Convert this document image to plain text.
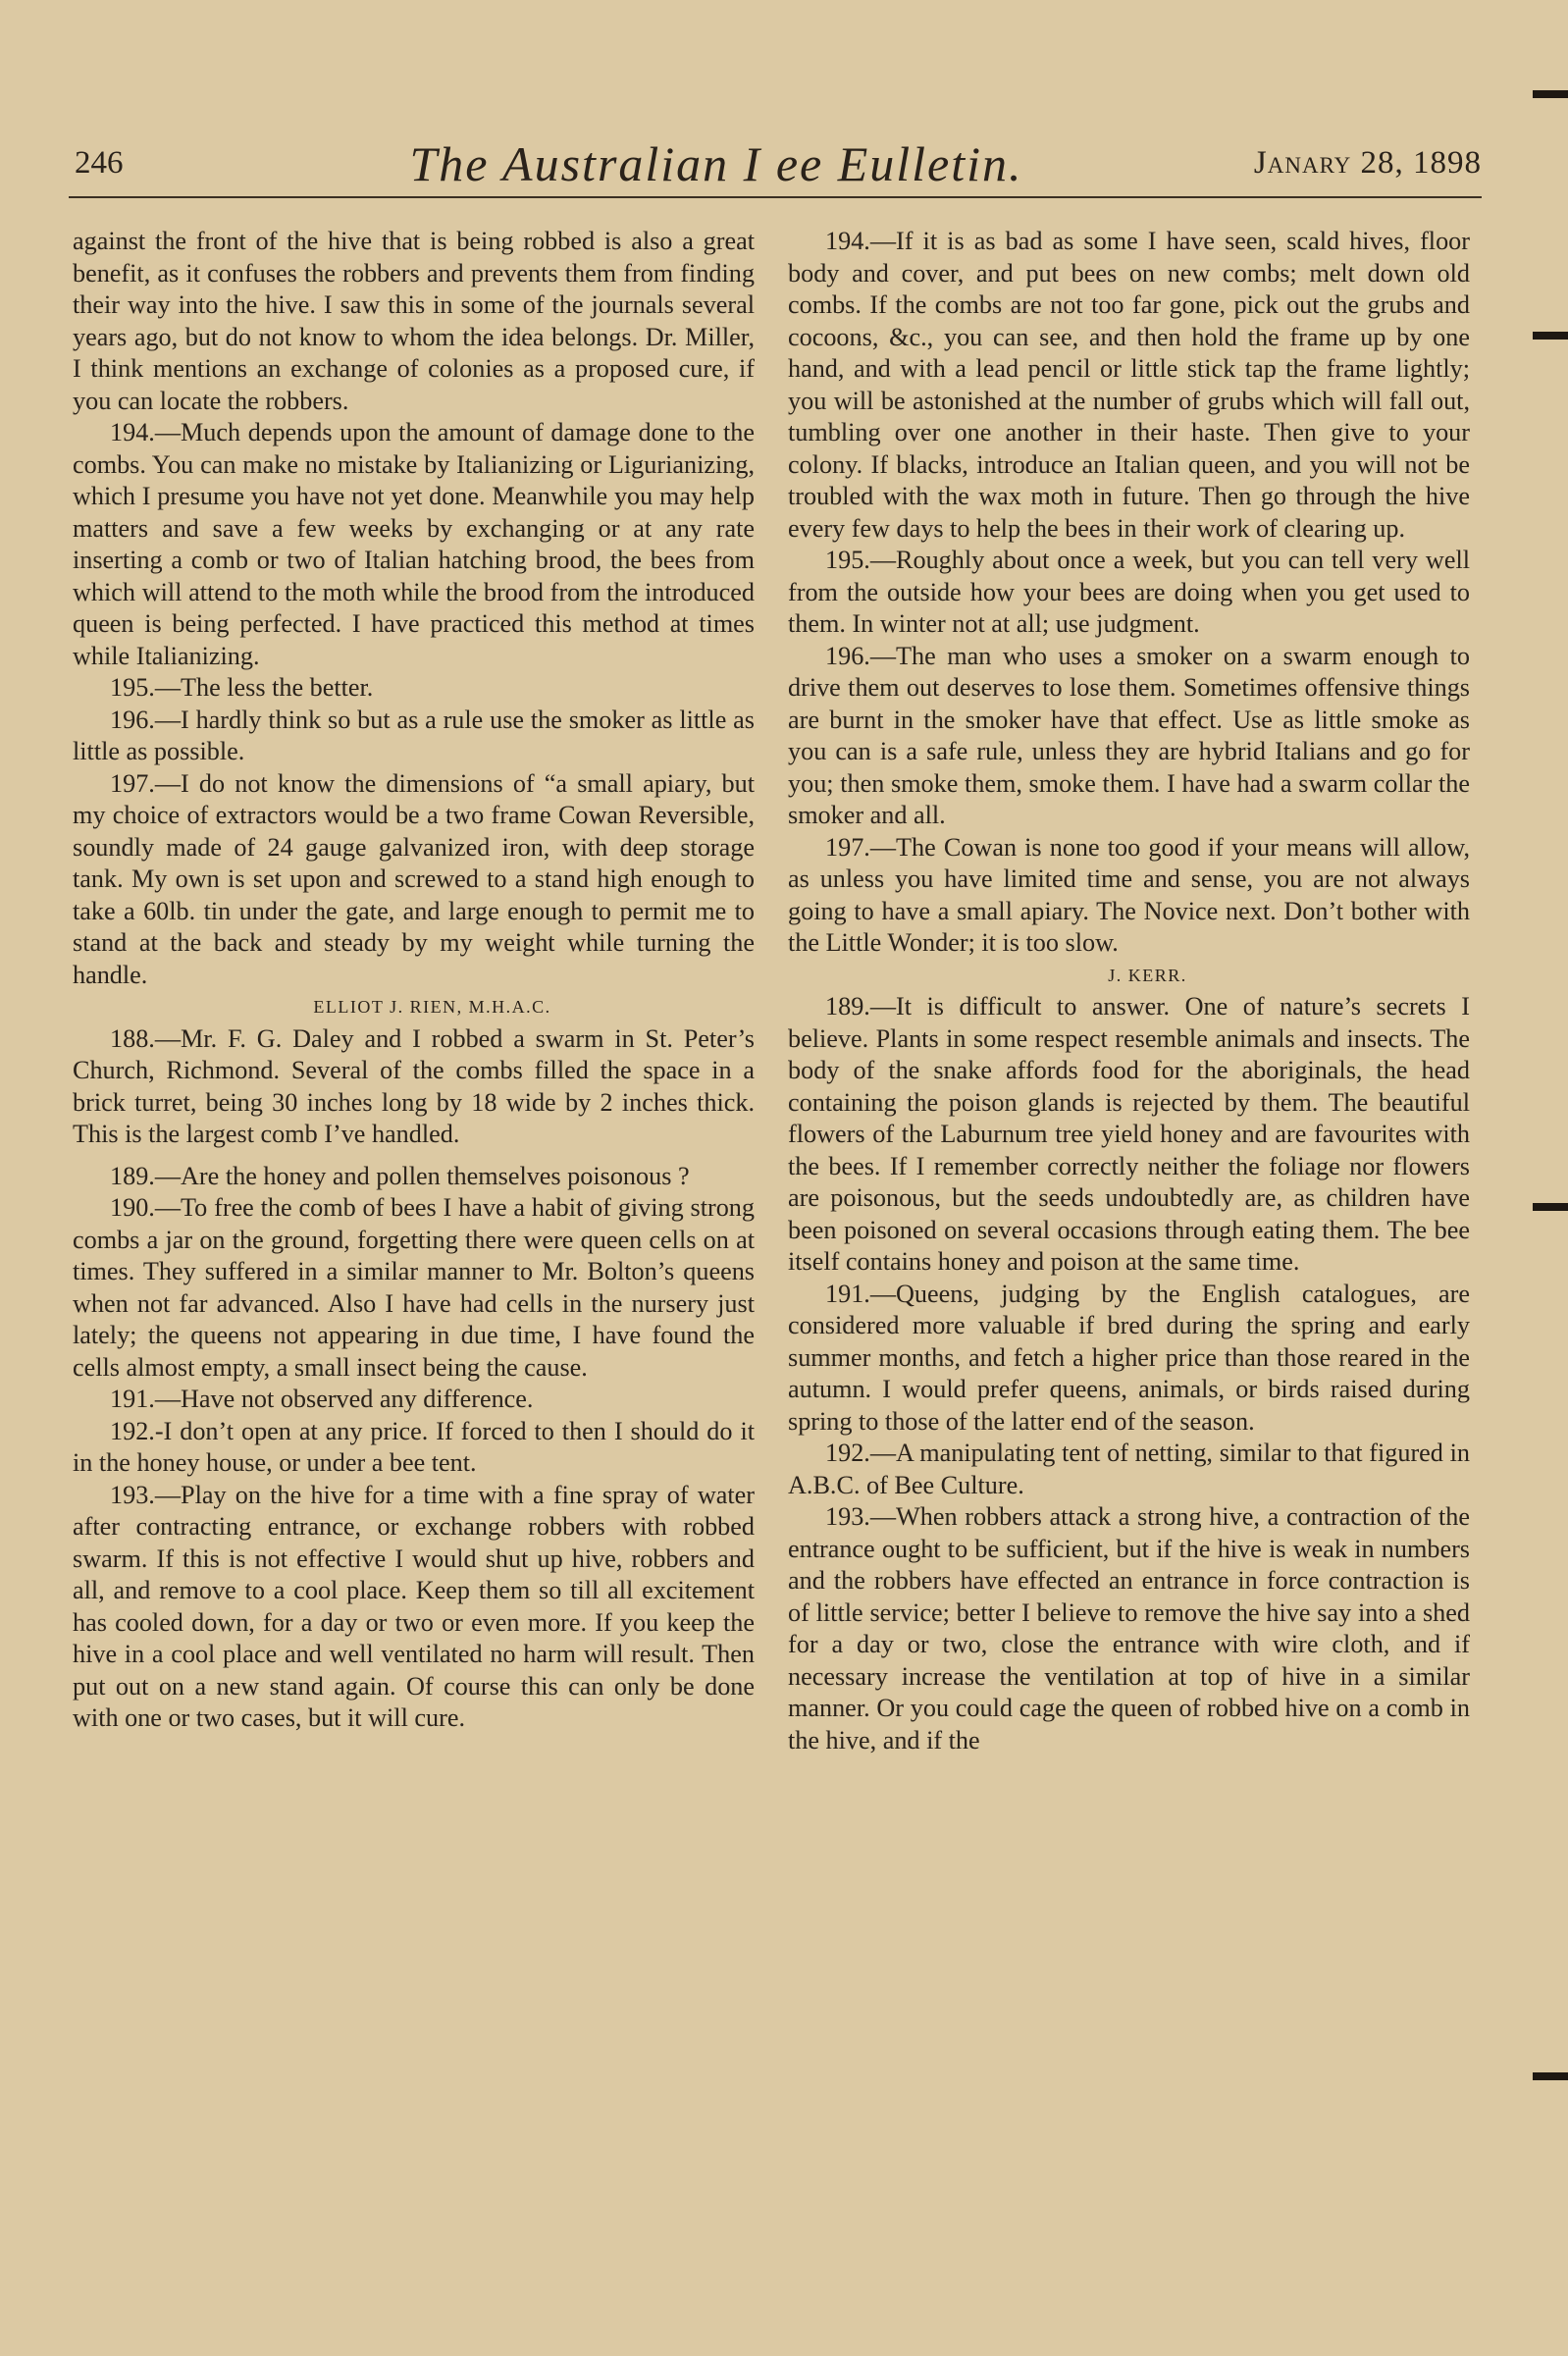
246	The Australian I ee Eulletin.	Janary 28, 1898

against the front of the hive that is being robbed is also a great benefit, as it confuses the robbers and prevents them from finding their way into the hive. I saw this in some of the journals several years ago, but do not know to whom the idea belongs. Dr. Miller, I think mentions an exchange of colonies as a proposed cure, if you can locate the robbers.

194.—Much depends upon the amount of damage done to the combs. You can make no mistake by Italianizing or Ligurianizing, which I presume you have not yet done. Meanwhile you may help matters and save a few weeks by exchanging or at any rate inserting a comb or two of Italian hatching brood, the bees from which will attend to the moth while the brood from the introduced queen is being perfected. I have practiced this method at times while Italianizing.

195.—The less the better.

196.—I hardly think so but as a rule use the smoker as little as little as possible.

197.—I do not know the dimensions of “a small apiary, but my choice of extractors would be a two frame Cowan Reversible, soundly made of 24 gauge galvanized iron, with deep storage tank. My own is set upon and screwed to a stand high enough to take a 60lb. tin under the gate, and large enough to permit me to stand at the back and steady by my weight while turning the handle.

ELLIOT J. RIEN, M.H.A.C.

188.—Mr. F. G. Daley and I robbed a swarm in St. Peter’s Church, Richmond. Several of the combs filled the space in a brick turret, being 30 inches long by 18 wide by 2 inches thick. This is the largest comb I’ve handled.

189.—Are the honey and pollen themselves poisonous ?

190.—To free the comb of bees I have a habit of giving strong combs a jar on the ground, forgetting there were queen cells on at times. They suffered in a similar manner to Mr. Bolton’s queens when not far advanced. Also I have had cells in the nursery just lately; the queens not appearing in due time, I have found the cells almost empty, a small insect being the cause.

191.—Have not observed any difference.

192.-I don’t open at any price. If forced to then I should do it in the honey house, or under a bee tent.

193.—Play on the hive for a time with a fine spray of water after contracting entrance, or exchange robbers with robbed swarm. If this is not effective I would shut up hive, robbers and all, and remove to a cool place. Keep them so till all excitement has cooled down, for a day or two or even more. If you keep the hive in a cool place and well ventilated no harm will result. Then put out on a new stand again. Of course this can only be done with one or two cases, but it will cure.

194.—If it is as bad as some I have seen, scald hives, floor body and cover, and put bees on new combs; melt down old combs. If the combs are not too far gone, pick out the grubs and cocoons, &c., you can see, and then hold the frame up by one hand, and with a lead pencil or little stick tap the frame lightly; you will be astonished at the number of grubs which will fall out, tumbling over one another in their haste. Then give to your colony. If blacks, introduce an Italian queen, and you will not be troubled with the wax moth in future. Then go through the hive every few days to help the bees in their work of clearing up.

195.—Roughly about once a week, but you can tell very well from the outside how your bees are doing when you get used to them. In winter not at all; use judgment.

196.—The man who uses a smoker on a swarm enough to drive them out deserves to lose them. Sometimes offensive things are burnt in the smoker have that effect. Use as little smoke as you can is a safe rule, unless they are hybrid Italians and go for you; then smoke them, smoke them. I have had a swarm collar the smoker and all.

197.—The Cowan is none too good if your means will allow, as unless you have limited time and sense, you are not always going to have a small apiary. The Novice next. Don’t bother with the Little Wonder; it is too slow.

J. KERR.

189.—It is difficult to answer. One of nature’s secrets I believe. Plants in some respect resemble animals and insects. The body of the snake affords food for the aboriginals, the head containing the poison glands is rejected by them. The beautiful flowers of the Laburnum tree yield honey and are favourites with the bees. If I remember correctly neither the foliage nor flowers are poisonous, but the seeds undoubtedly are, as children have been poisoned on several occasions through eating them. The bee itself contains honey and poison at the same time.

191.—Queens, judging by the English catalogues, are considered more valuable if bred during the spring and early summer months, and fetch a higher price than those reared in the autumn. I would prefer queens, animals, or birds raised during spring to those of the latter end of the season.

192.—A manipulating tent of netting, similar to that figured in A.B.C. of Bee Culture.

193.—When robbers attack a strong hive, a contraction of the entrance ought to be sufficient, but if the hive is weak in numbers and the robbers have effected an entrance in force contraction is of little service; better I believe to remove the hive say into a shed for a day or two, close the entrance with wire cloth, and if necessary increase the ventilation at top of hive in a similar manner. Or you could cage the queen of robbed hive on a comb in the hive, and if the
